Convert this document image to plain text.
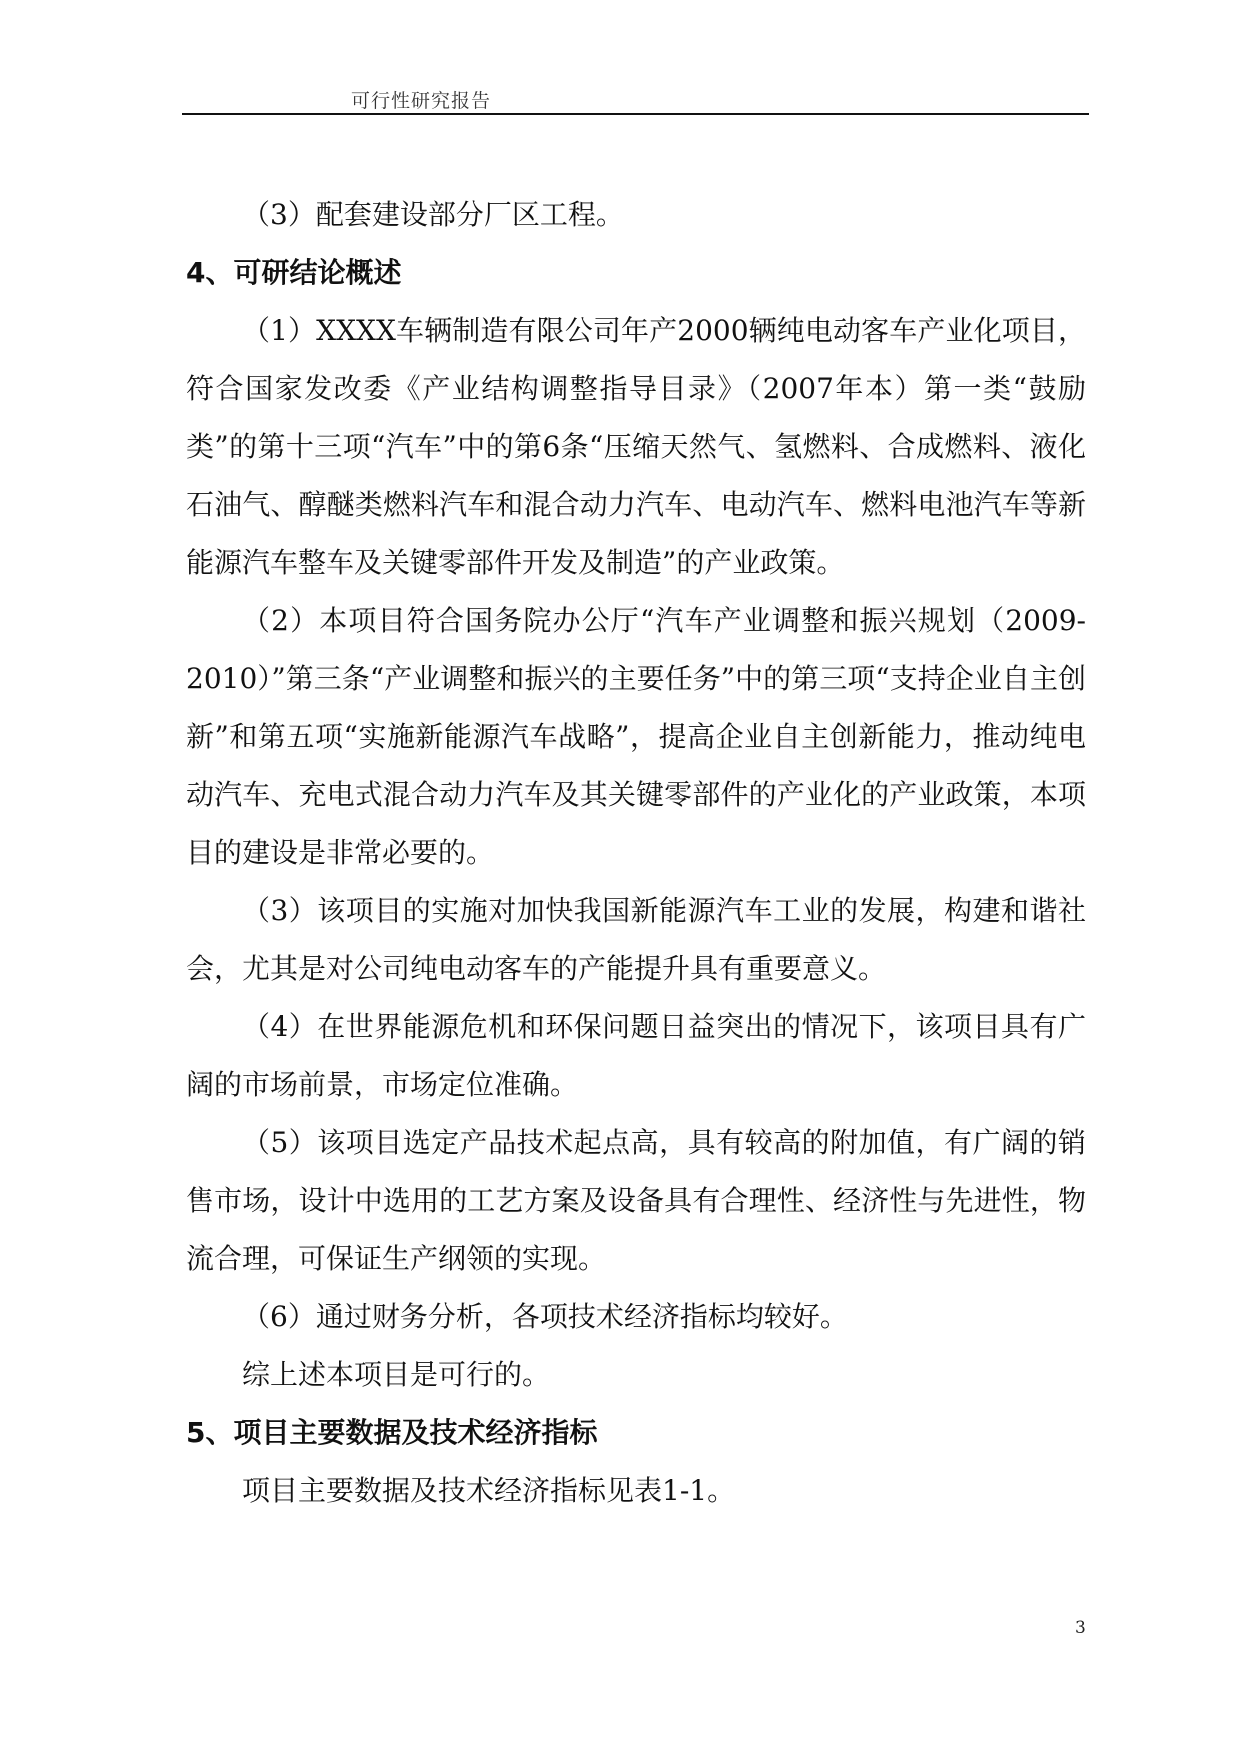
可行性研究报告

（3）配套建设部分厂区工程。

4、可研结论概述

（1）XXXX车辆制造有限公司年产2000辆纯电动客车产业化项目，符合国家发改委《产业结构调整指导目录》（2007年本）第一类“鼓励类”的第十三项“汽车”中的第6条“压缩天然气、氢燃料、合成燃料、液化石油气、醇醚类燃料汽车和混合动力汽车、电动汽车、燃料电池汽车等新能源汽车整车及关键零部件开发及制造”的产业政策。

（2）本项目符合国务院办公厅“汽车产业调整和振兴规划（2009-2010）”第三条“产业调整和振兴的主要任务”中的第三项“支持企业自主创新”和第五项“实施新能源汽车战略”，提高企业自主创新能力，推动纯电动汽车、充电式混合动力汽车及其关键零部件的产业化的产业政策，本项目的建设是非常必要的。

（3）该项目的实施对加快我国新能源汽车工业的发展，构建和谐社会，尤其是对公司纯电动客车的产能提升具有重要意义。

（4）在世界能源危机和环保问题日益突出的情况下，该项目具有广阔的市场前景，市场定位准确。

（5）该项目选定产品技术起点高，具有较高的附加值，有广阔的销售市场，设计中选用的工艺方案及设备具有合理性、经济性与先进性，物流合理，可保证生产纲领的实现。

（6）通过财务分析，各项技术经济指标均较好。

综上述本项目是可行的。

5、项目主要数据及技术经济指标

项目主要数据及技术经济指标见表1-1。

3
